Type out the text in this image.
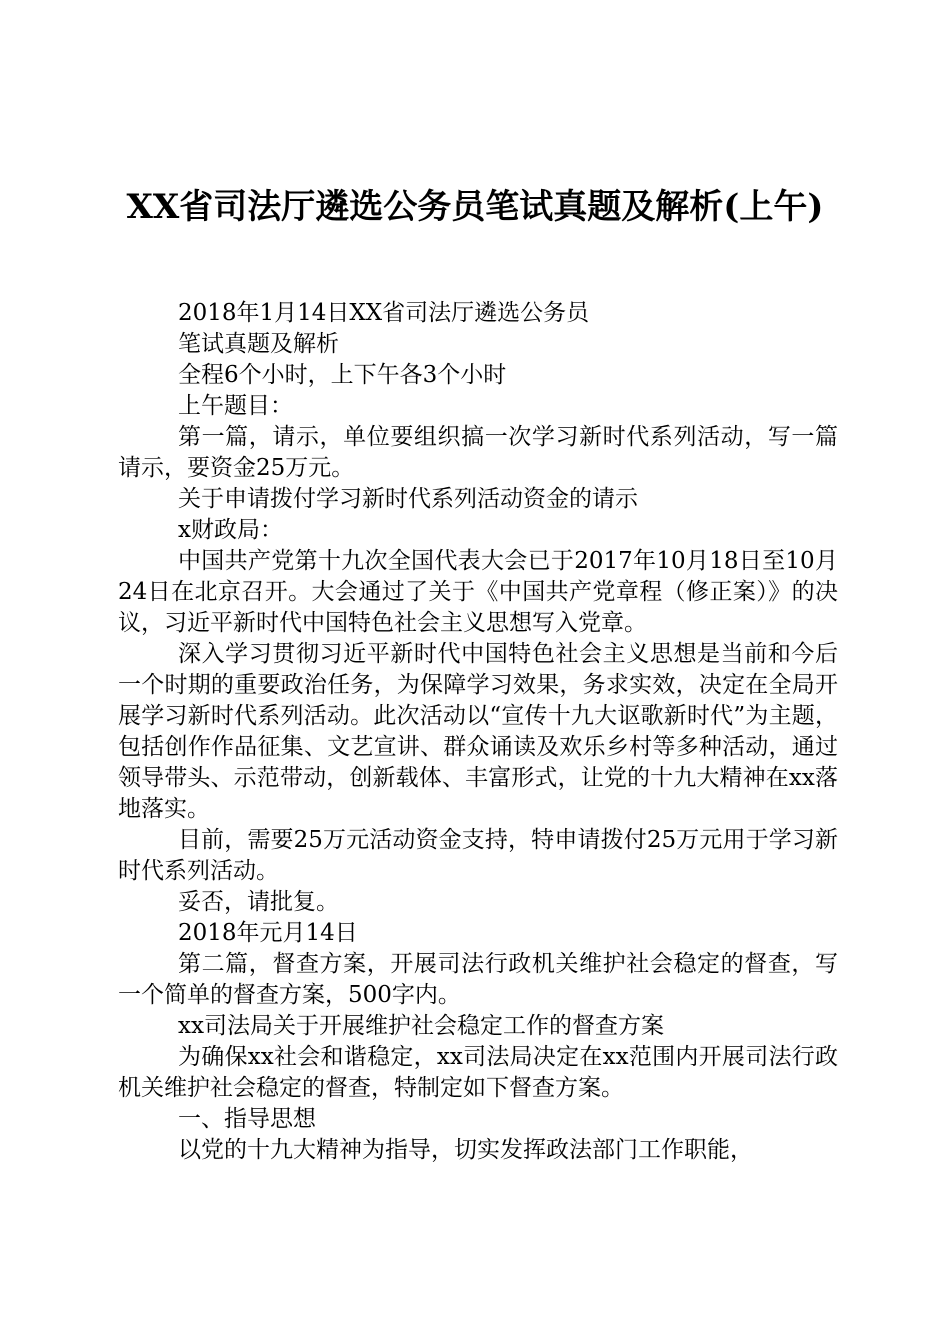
XX省司法厅遴选公务员笔试真题及解析(上午)

2018年1月14日XX省司法厅遴选公务员

笔试真题及解析

全程6个小时，上下午各3个小时

上午题目：

第一篇，请示，单位要组织搞一次学习新时代系列活动，写一篇请示，要资金25万元。

关于申请拨付学习新时代系列活动资金的请示

x财政局：

中国共产党第十九次全国代表大会已于2017年10月18日至10月24日在北京召开。大会通过了关于《中国共产党章程（修正案）》的决议，习近平新时代中国特色社会主义思想写入党章。

深入学习贯彻习近平新时代中国特色社会主义思想是当前和今后一个时期的重要政治任务，为保障学习效果，务求实效，决定在全局开展学习新时代系列活动。此次活动以“宣传十九大讴歌新时代”为主题，包括创作作品征集、文艺宣讲、群众诵读及欢乐乡村等多种活动，通过领导带头、示范带动，创新载体、丰富形式，让党的十九大精神在xx落地落实。

目前，需要25万元活动资金支持，特申请拨付25万元用于学习新时代系列活动。

妥否，请批复。

2018年元月14日

第二篇，督查方案，开展司法行政机关维护社会稳定的督查，写一个简单的督查方案，500字内。

xx司法局关于开展维护社会稳定工作的督查方案

为确保xx社会和谐稳定，xx司法局决定在xx范围内开展司法行政机关维护社会稳定的督查，特制定如下督查方案。

一、指导思想

以党的十九大精神为指导，切实发挥政法部门工作职能，
